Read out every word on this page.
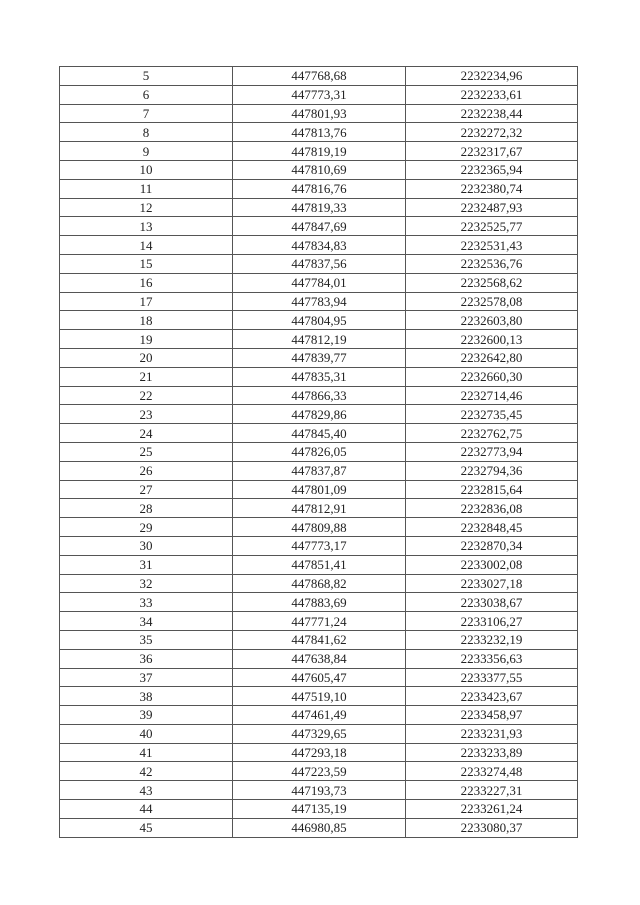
5	447768,68	2232234,96
6	447773,31	2232233,61
7	447801,93	2232238,44
8	447813,76	2232272,32
9	447819,19	2232317,67
10	447810,69	2232365,94
11	447816,76	2232380,74
12	447819,33	2232487,93
13	447847,69	2232525,77
14	447834,83	2232531,43
15	447837,56	2232536,76
16	447784,01	2232568,62
17	447783,94	2232578,08
18	447804,95	2232603,80
19	447812,19	2232600,13
20	447839,77	2232642,80
21	447835,31	2232660,30
22	447866,33	2232714,46
23	447829,86	2232735,45
24	447845,40	2232762,75
25	447826,05	2232773,94
26	447837,87	2232794,36
27	447801,09	2232815,64
28	447812,91	2232836,08
29	447809,88	2232848,45
30	447773,17	2232870,34
31	447851,41	2233002,08
32	447868,82	2233027,18
33	447883,69	2233038,67
34	447771,24	2233106,27
35	447841,62	2233232,19
36	447638,84	2233356,63
37	447605,47	2233377,55
38	447519,10	2233423,67
39	447461,49	2233458,97
40	447329,65	2233231,93
41	447293,18	2233233,89
42	447223,59	2233274,48
43	447193,73	2233227,31
44	447135,19	2233261,24
45	446980,85	2233080,37
